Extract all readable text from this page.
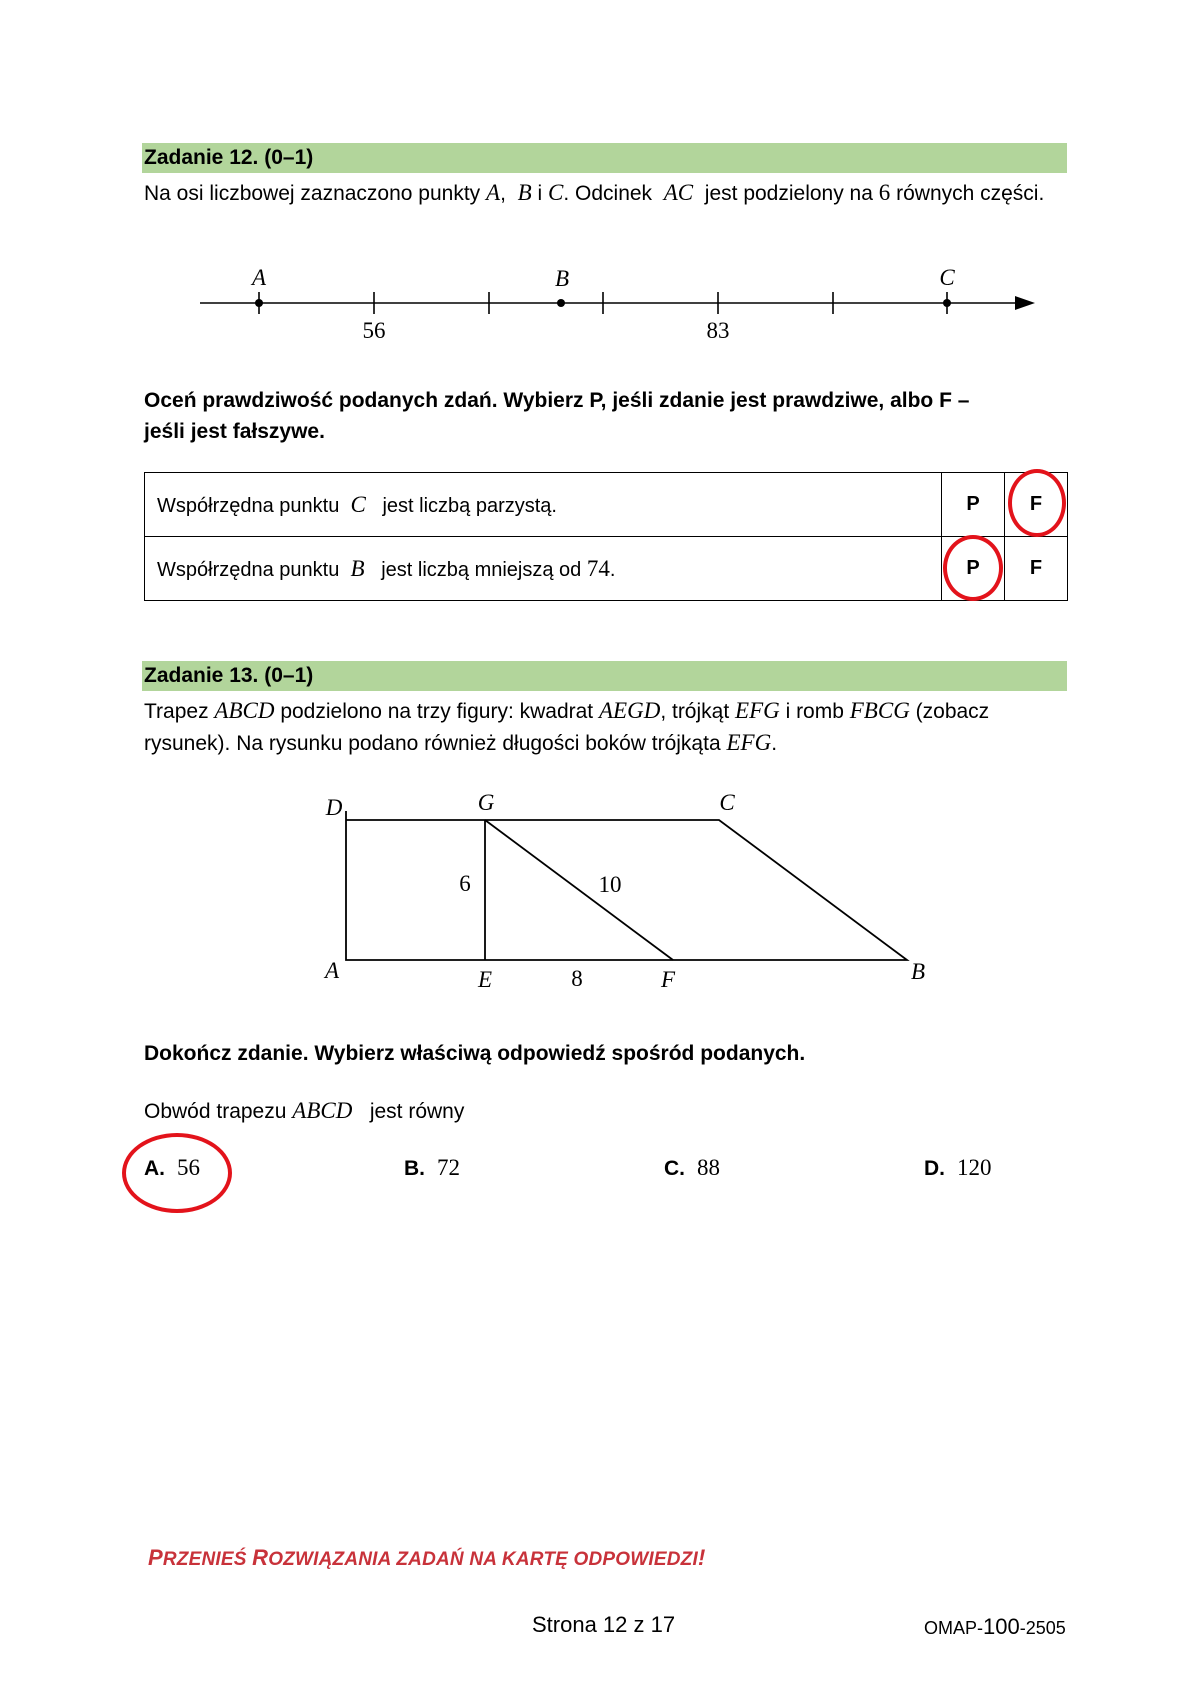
Zadanie 12. (0–1)
Na osi liczbowej zaznaczono punkty A, B i C. Odcinek  AC  jest podzielony na 6 równych części.
A	B	C
56	83
Oceń prawdziwość podanych zdań. Wybierz P, jeśli zdanie jest prawdziwe, albo F –
jeśli jest fałszywe.
Współrzędna punktu  C   jest liczbą parzystą.	P	F

Współrzędna punktu  B   jest liczbą mniejszą od 74.	P	F
Zadanie 13. (0–1)
Trapez ABCD podzielono na trzy figury: kwadrat AEGD, trójkąt EFG i romb FBCG (zobacz
rysunek). Na rysunku podano również długości boków trójkąta EFG.
D	G	C
A	E	F	B
6	10
8
Dokończ zdanie. Wybierz właściwą odpowiedź spośród podanych.
Obwód trapezu ABCD   jest równy
A. 56	B. 72	C. 88	D. 120
PRZENIEŚ ROZWIĄZANIA ZADAŃ NA KARTĘ ODPOWIEDZI!
Strona 12 z 17	OMAP-100-2505
